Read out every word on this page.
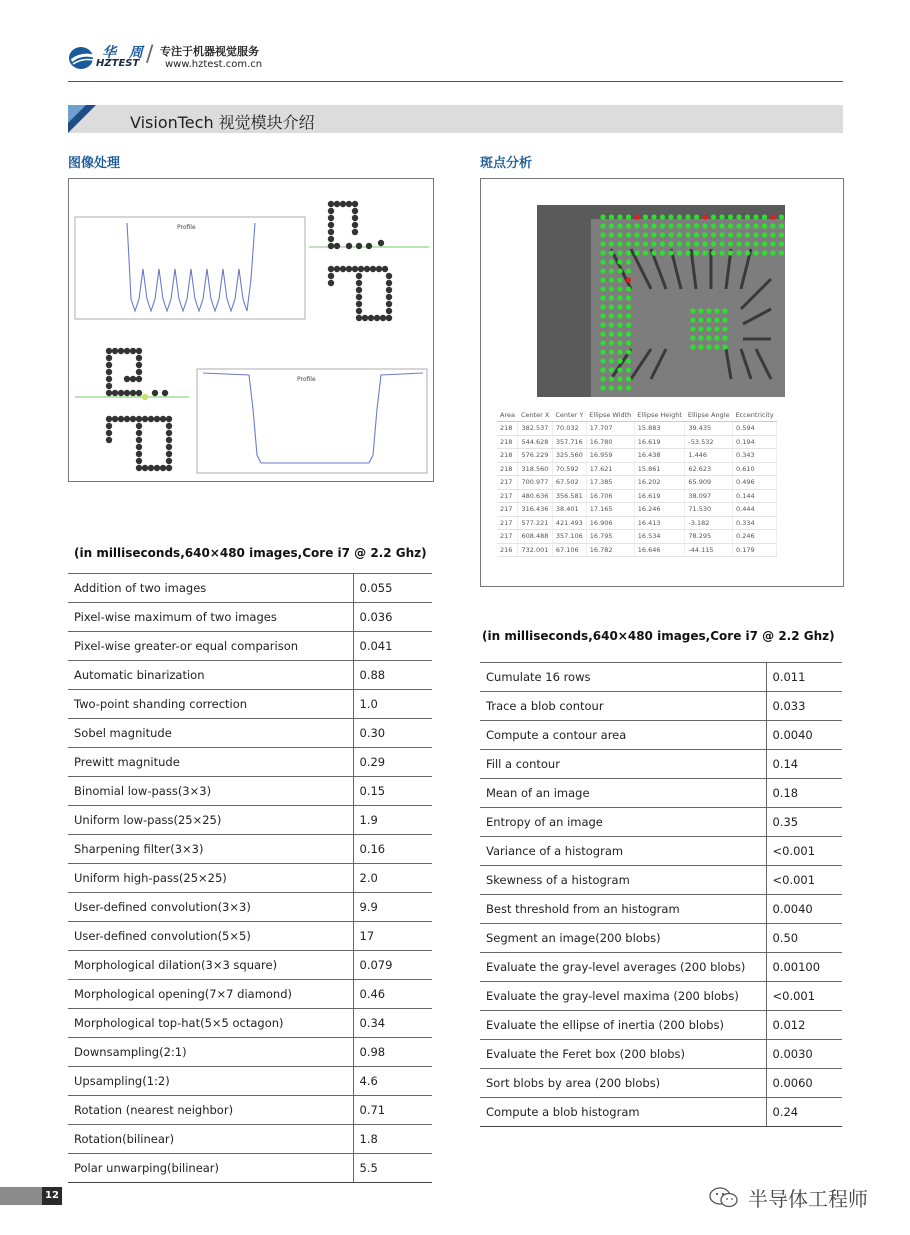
华 周
HZTEST / 专注于机器视觉服务
www.hztest.com.cn
VisionTech 视觉模块介绍
图像处理
Profile
Profile
(in milliseconds,640×480 images,Core i7 @ 2.2 Ghz)
Addition of two images	0.055
Pixel-wise maximum of two images	0.036
Pixel-wise greater-or equal comparison	0.041
Automatic binarization	0.88
Two-point shanding correction	1.0
Sobel magnitude	0.30
Prewitt magnitude	0.29
Binomial low-pass(3×3)	0.15
Uniform low-pass(25×25)	1.9
Sharpening filter(3×3)	0.16
Uniform high-pass(25×25)	2.0
User-defined convolution(3×3)	9.9
User-defined convolution(5×5)	17
Morphological dilation(3×3 square)	0.079
Morphological opening(7×7 diamond)	0.46
Morphological top-hat(5×5 octagon)	0.34
Downsampling(2:1)	0.98
Upsampling(1:2)	4.6
Rotation (nearest neighbor)	0.71
Rotation(bilinear)	1.8
Polar unwarping(bilinear)	5.5
斑点分析
Area	Center X	Center Y	Ellipse Width	Ellipse Height	Ellipse Angle	Eccentricity
218	382.537	70.032	17.707	15.883	39.435	0.594
218	544.628	357.716	16.780	16.619	-53.532	0.194
218	576.229	325.560	16.959	16.438	1.446	0.343
218	318.560	70.592	17.621	15.861	62.623	0.610
217	700.977	67.502	17.385	16.202	65.909	0.496
217	480.636	356.581	16.706	16.619	38.097	0.144
217	316.436	38.401	17.165	16.246	71.530	0.444
217	577.221	421.493	16.906	16.413	-3.182	0.334
217	608.488	357.106	16.795	16.534	78.295	0.246
216	732.001	67.106	16.782	16.646	-44.115	0.179
(in milliseconds,640×480 images,Core i7 @ 2.2 Ghz)
Cumulate 16 rows	0.011
Trace a blob contour	0.033
Compute a contour area	0.0040
Fill a contour	0.14
Mean of an image	0.18
Entropy of an image	0.35
Variance of a histogram	<0.001
Skewness of a histogram	<0.001
Best threshold from an histogram	0.0040
Segment an image(200 blobs)	0.50
Evaluate the gray-level averages (200 blobs)	0.00100
Evaluate the gray-level maxima (200 blobs)	<0.001
Evaluate the ellipse of inertia (200 blobs)	0.012
Evaluate the Feret box (200 blobs)	0.0030
Sort blobs by area (200 blobs)	0.0060
Compute a blob histogram	0.24
12	半导体工程师
